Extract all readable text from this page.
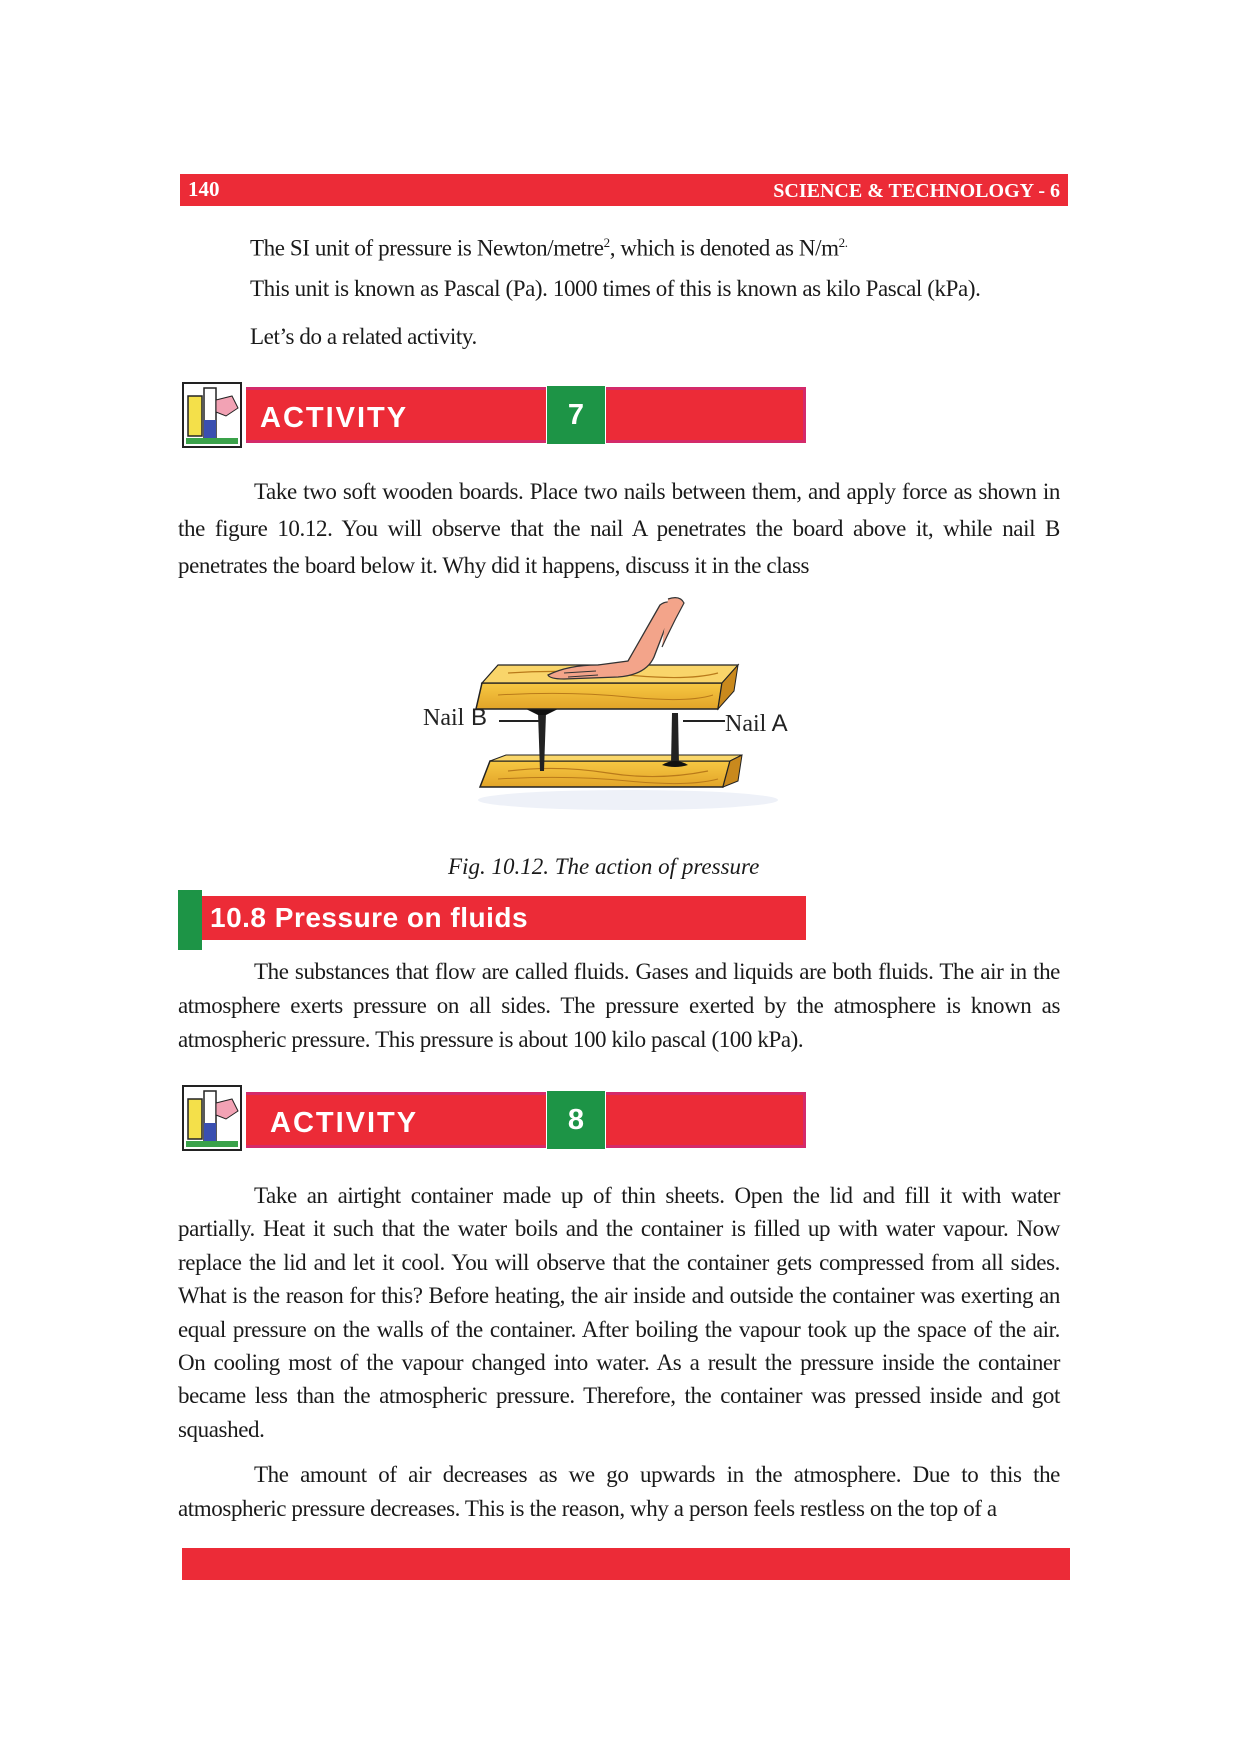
140	SCIENCE & TECHNOLOGY - 6
The SI unit of pressure is Newton/metre$^2$, which is denoted as $N/m^{2.}$
This unit is known as Pascal (Pa). 1000 times of this is known as kilo Pascal (kPa).
Let’s do a related activity.
ACTIVITY	7
Take two soft wooden boards. Place two nails between them, and apply force as shown in the figure 10.12. You will observe that the nail A penetrates the board above it, while nail B penetrates the board below it. Why did it happens, discuss it in the class
Nail B	Nail A
Fig. 10.12. The action of pressure
10.8 Pressure on fluids
The substances that flow are called fluids. Gases and liquids are both fluids. The air in the atmosphere exerts pressure on all sides. The pressure exerted by the atmosphere is known as atmospheric pressure. This pressure is about 100 kilo pascal (100 kPa).
ACTIVITY	8
Take an airtight container made up of thin sheets. Open the lid and fill it with water partially. Heat it such that the water boils and the container is filled up with water vapour. Now replace the lid and let it cool. You will observe that the container gets compressed from all sides. What is the reason for this? Before heating, the air inside and outside the container was exerting an equal pressure on the walls of the container. After boiling the vapour took up the space of the air. On cooling most of the vapour changed into water. As a result the pressure inside the container became less than the atmospheric pressure. Therefore, the container was pressed inside and got squashed.
The amount of air decreases as we go upwards in the atmosphere. Due to this the atmospheric pressure decreases. This is the reason, why a person feels restless on the top of a
